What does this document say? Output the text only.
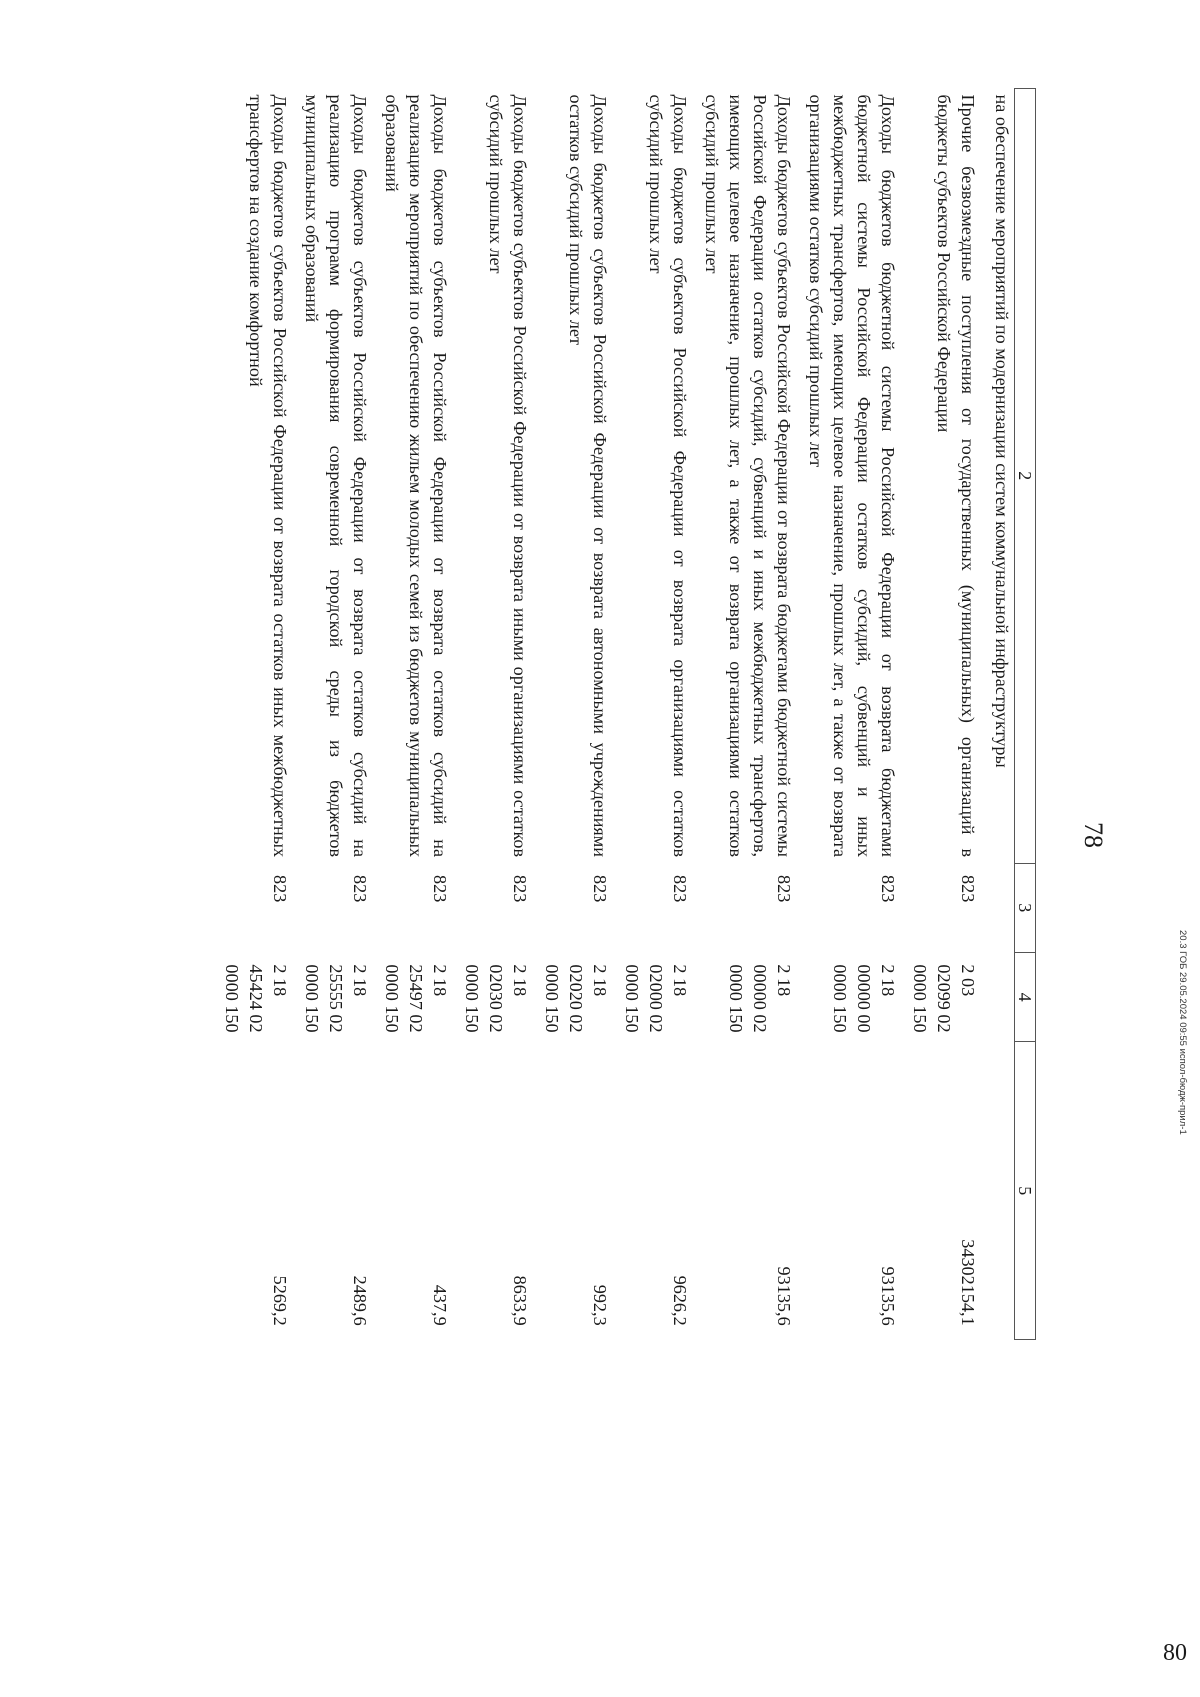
78
2	3	4	5
на обеспечение мероприятий по модернизации систем коммунальной инфраструктуры			
Прочие безвозмездные поступления от государственных (муниципальных) организаций в бюджеты субъектов Российской Федерации	823	2 03 02099 02 0000 150	34302154,1
Доходы бюджетов бюджетной системы Российской Федерации от возврата бюджетами бюджетной системы Российской Федерации остатков субсидий, субвенций и иных межбюджетных трансфертов, имеющих целевое назначение, прошлых лет, а также от возврата организациями остатков субсидий прошлых лет	823	2 18 00000 00 0000 150	93135,6
Доходы бюджетов субъектов Российской Федерации от возврата бюджетами бюджетной системы Российской Федерации остатков субсидий, субвенций и иных межбюджетных трансфертов, имеющих целевое назначение, прошлых лет, а также от возврата организациями остатков субсидий прошлых лет	823	2 18 00000 02 0000 150	93135,6
Доходы бюджетов субъектов Российской Федерации от возврата организациями остатков субсидий прошлых лет	823	2 18 02000 02 0000 150	9626,2
Доходы бюджетов субъектов Российской Федерации от возврата автономными учреждениями остатков субсидий прошлых лет	823	2 18 02020 02 0000 150	992,3
Доходы бюджетов субъектов Российской Федерации от возврата иными организациями остатков субсидий прошлых лет	823	2 18 02030 02 0000 150	8633,9
Доходы бюджетов субъектов Российской Федерации от возврата остатков субсидий на реализацию мероприятий по обеспечению жильем молодых семей из бюджетов муниципальных образований	823	2 18 25497 02 0000 150	437,9
Доходы бюджетов субъектов Российской Федерации от возврата остатков субсидий на реализацию программ формирования современной городской среды из бюджетов муниципальных образований	823	2 18 25555 02 0000 150	2489,6
Доходы бюджетов субъектов Российской Федерации от возврата остатков иных межбюджетных трансфертов на создание комфортной	823	2 18 45424 02 0000 150	5269,2
20.3 ГОБ 29.05.2024 09:55 испол-бюдж-прил-1
80
